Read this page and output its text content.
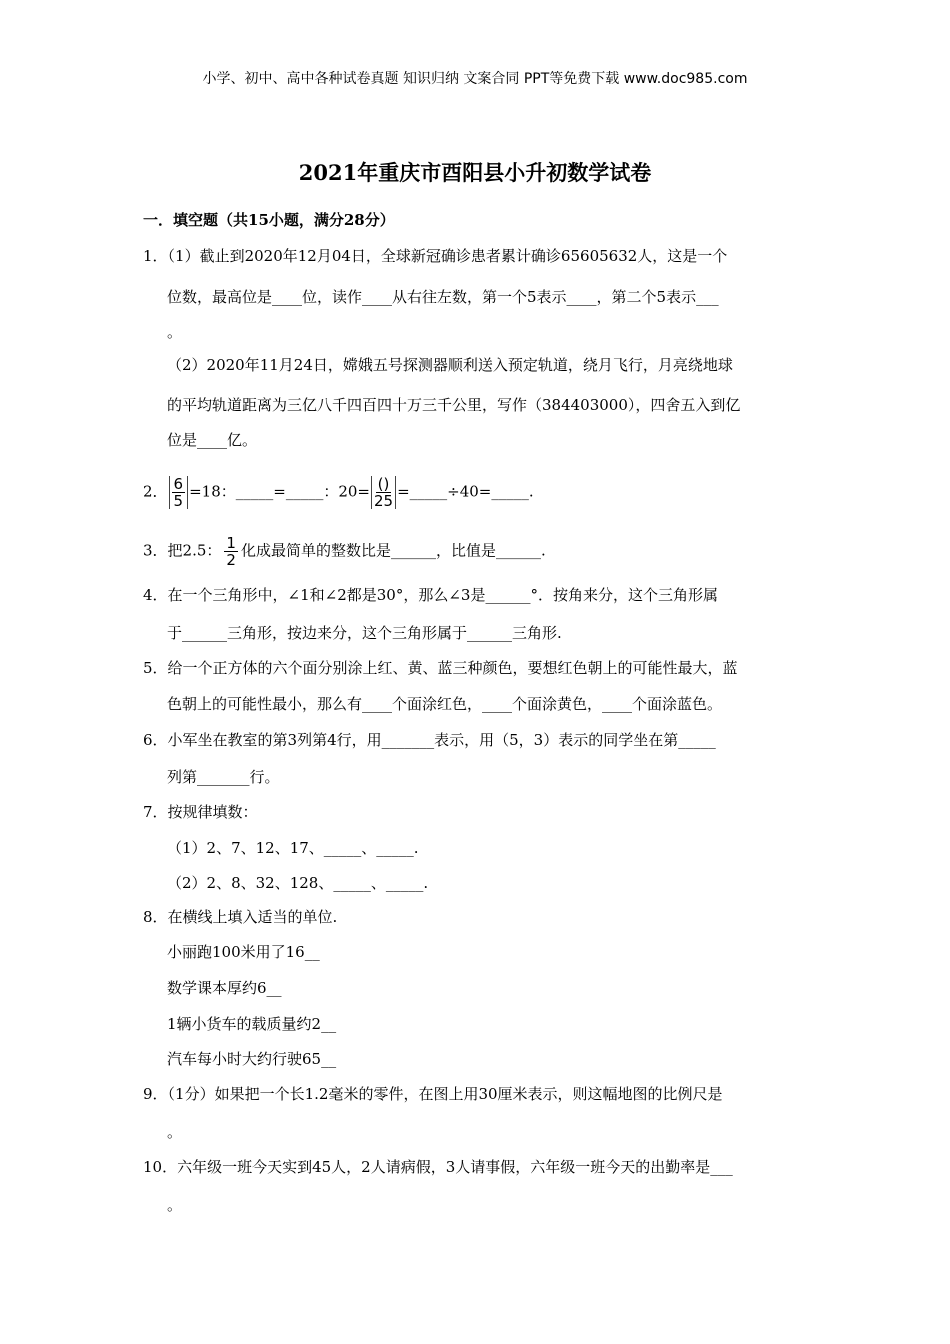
小学、初中、高中各种试卷真题 知识归纳 文案合同 PPT等免费下载 www.doc985.com
2021年重庆市酉阳县小升初数学试卷
一．填空题（共15小题，满分28分）
1．（1）截止到2020年12月04日，全球新冠确诊患者累计确诊65605632人，这是一个
位数，最高位是____位，读作____从右往左数，第一个5表示____，第二个5表示___
。
（2）2020年11月24日，嫦娥五号探测器顺利送入预定轨道，绕月飞行，月亮绕地球
的平均轨道距离为三亿八千四百四十万三千公里，写作（384403000），四舍五入到亿
位是____亿。
2． $\frac{6}{5} =18$：_____=_____：$20= \frac{()}{25}$ =_____÷40=_____.
3．把2.5： $\frac{1}{2}$ 化成最简单的整数比是______，比值是______.
4．在一个三角形中，∠1和∠2都是30°，那么∠3是______°．按角来分，这个三角形属
于______三角形，按边来分，这个三角形属于______三角形.
5．给一个正方体的六个面分别涂上红、黄、蓝三种颜色，要想红色朝上的可能性最大，蓝
色朝上的可能性最小，那么有____个面涂红色，____个面涂黄色，____个面涂蓝色。
6．小军坐在教室的第3列第4行，用_______表示，用（5，3）表示的同学坐在第_____
列第_______行。
7．按规律填数：
（1）2、7、12、17、_____、_____.
（2）2、8、32、128、_____、_____.
8．在横线上填入适当的单位.
小丽跑100米用了16__
数学课本厚约6__
1辆小货车的载质量约2__
汽车每小时大约行驶65__
9．（1分）如果把一个长1.2毫米的零件，在图上用30厘米表示，则这幅地图的比例尺是
。
10．六年级一班今天实到45人，2人请病假，3人请事假，六年级一班今天的出勤率是___
。
